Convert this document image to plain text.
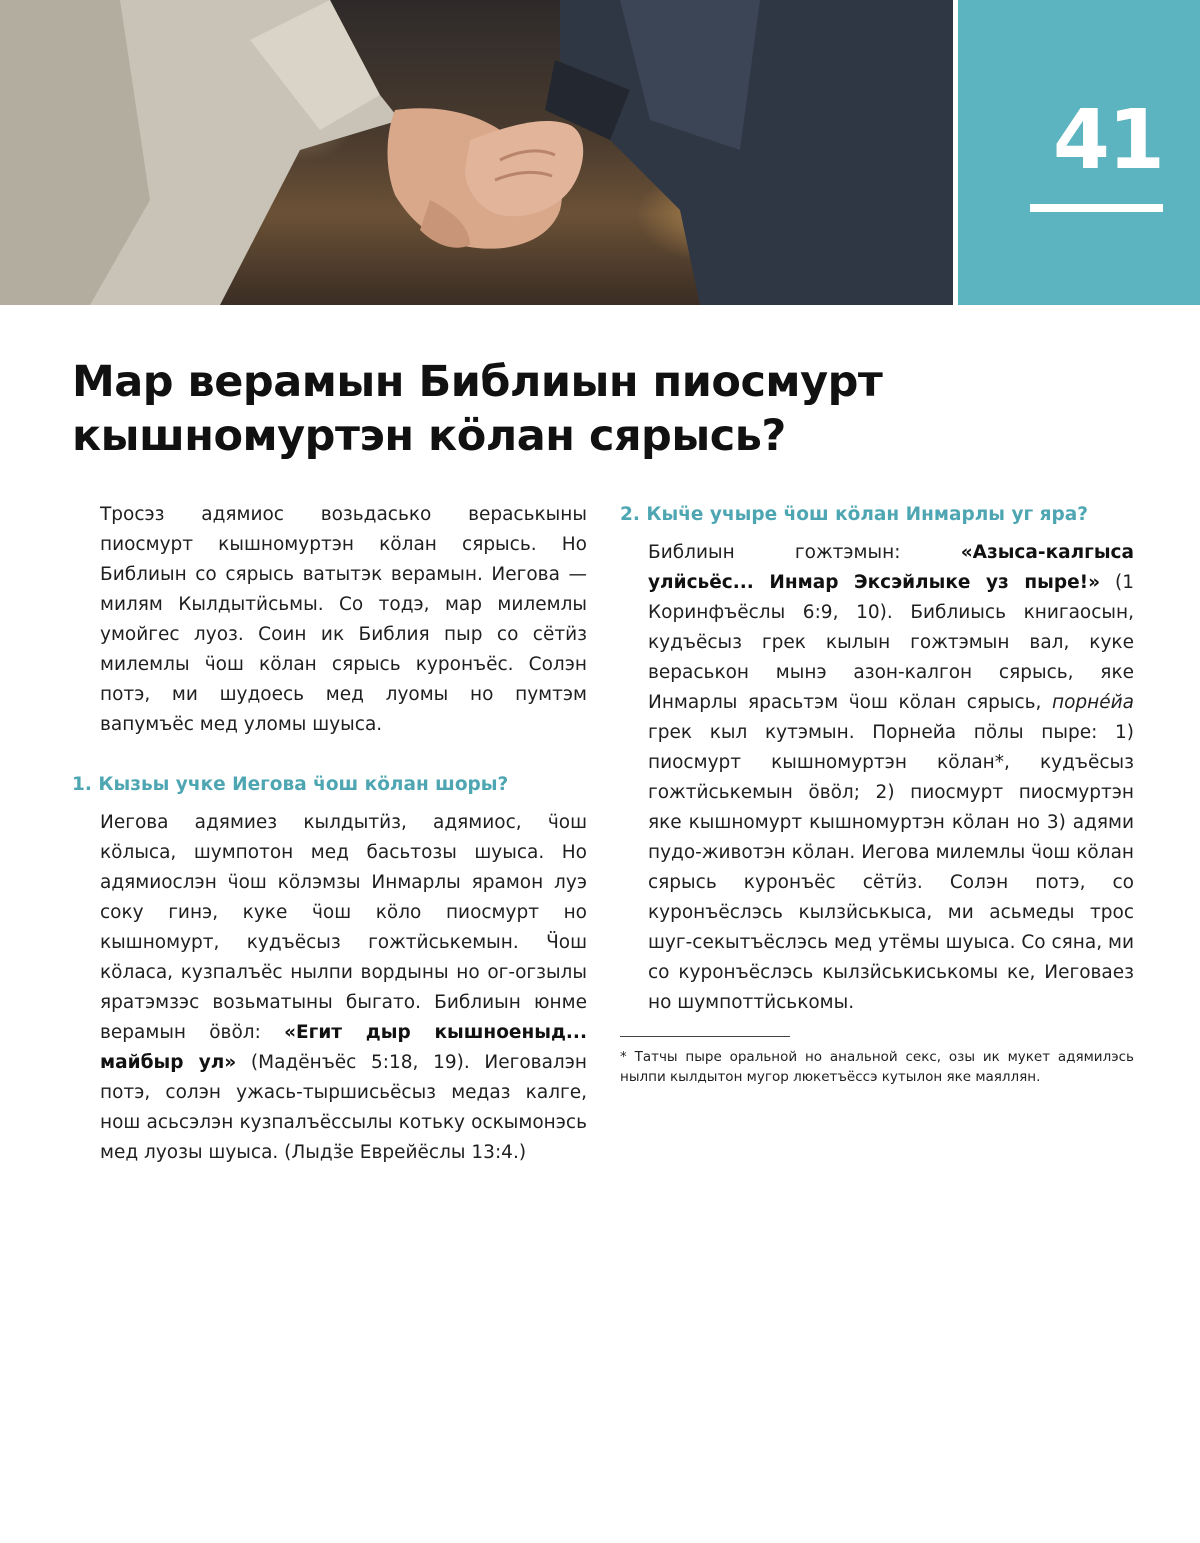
41
Мар верамын Библиын пиосмурт
кышномуртэн кӧлан сярысь?

Тросэз адямиос возьдасько вераськыны пиосмурт кышномуртэн кӧлан сярысь. Но Библиын со сярысь ватытэк верамын. Иегова — милям Кылдытӥсьмы. Со тодэ, мар милемлы умойгес луоз. Соин ик Библия пыр со сётӥз милемлы ӵош кӧлан сярысь куронъёс. Солэн потэ, ми шудоесь мед луомы но пумтэм вапумъёс мед уломы шуыса.

1. Кызьы учке Иегова ӵош кӧлан шоры?

Иегова адямиез кылдытӥз, адямиос, ӵош кӧлыса, шумпотон мед басьтозы шуыса. Но адямиослэн ӵош кӧлэмзы Инмарлы ярамон луэ соку гинэ, куке ӵош кӧло пиосмурт но кышномурт, кудъёсыз гожтӥськемын. Ӵош кӧласа, кузпалъёс нылпи вордыны но ог-огзылы яратэмзэс возьматыны быгато. Библиын юнме верамын ӧвӧл: «Егит дыр кышноеныд... майбыр ул» (Мадёнъёс 5:18, 19). Иеговалэн потэ, солэн ужась-тыршисьёсыз медаз калге, нош асьсэлэн кузпалъёссылы котьку оскымонэсь мед луозы шуыса. (Лыдӟе Еврейёслы 13:4.)

2. Кыӵе учыре ӵош кӧлан Инмарлы уг яра?

Библиын гожтэмын: «Азыса-калгыса улӥсьёс... Инмар Эксэйлыке уз пыре!» (1 Коринфъёслы 6:9, 10). Библиысь книгаосын, кудъёсыз грек кылын гожтэмын вал, куке вераськон мынэ азон-калгон сярысь, яке Инмарлы ярасьтэм ӵош кӧлан сярысь, порне́йа грек кыл кутэмын. Порнейа пӧлы пыре: 1) пиосмурт кышномуртэн кӧлан*, кудъёсыз гожтӥськемын ӧвӧл; 2) пиосмурт пиосмуртэн яке кышномурт кышномуртэн кӧлан но 3) адями пудо-животэн кӧлан. Иегова милемлы ӵош кӧлан сярысь куронъёс сётӥз. Солэн потэ, со куронъёслэсь кылзӥськыса, ми асьмеды трос шуг-секытъёслэсь мед утёмы шуыса. Со сяна, ми со куронъёслэсь кылзӥськиськомы ке, Иеговаез но шумпоттӥськомы.

* Татчы пыре оральной но анальной секс, озы ик мукет адямилэсь нылпи кылдытон мугор люкетъёссэ кутылон яке маяллян.
